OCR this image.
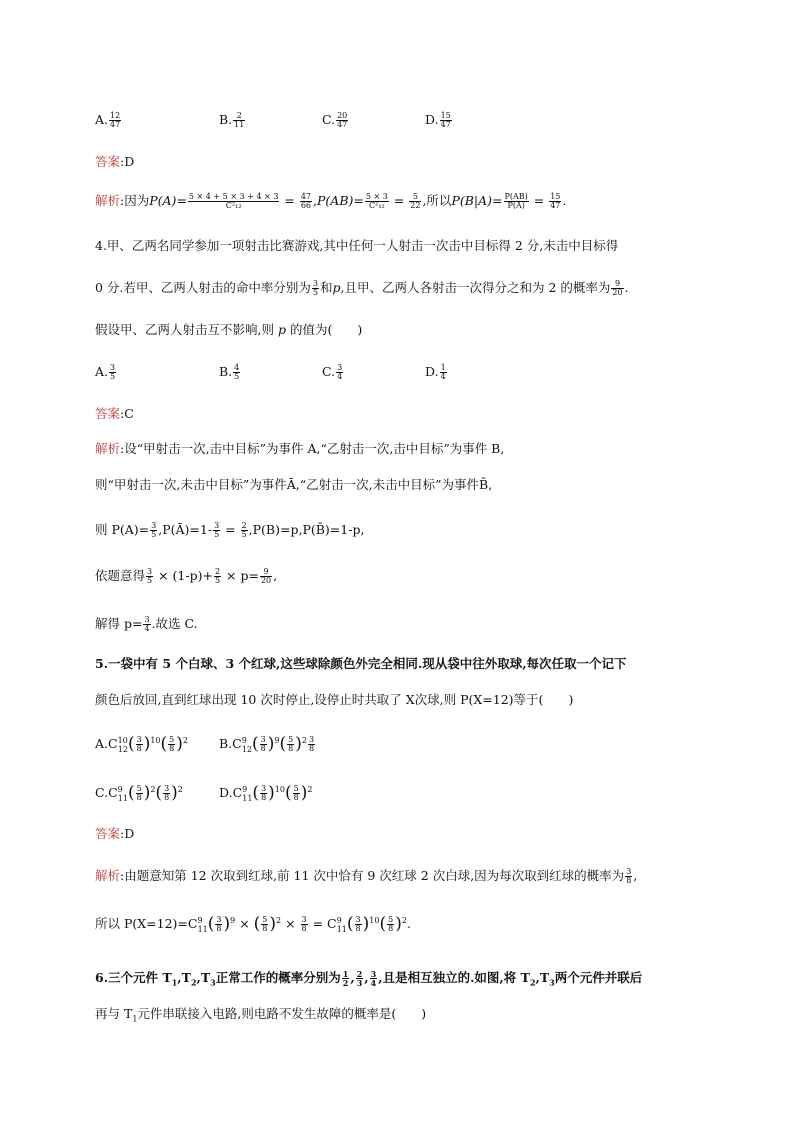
A. $\frac{12}{47}$	B. $\frac{2}{11}$	C. $\frac{20}{47}$	D. $\frac{15}{47}$
答案:D
解析:因为$P(A)= \frac{5 \times 4 + 5 \times 3 + 4 \times 3}{\text{C²₁₂}} = \frac{47}{66} ,P(AB)= \frac{5 \times 3}{\text{C²₁₂}} = \frac{5}{22}$ ,所以$P(B|A)= \frac{P(AB)}{P(A)} = \frac{15}{47}$ .
4.甲、乙两名同学参加一项射击比赛游戏,其中任何一人射击一次击中目标得 2 分,未击中目标得
0 分.若甲、乙两人射击的命中率分别为 $\frac{3}{5}$ 和p,且甲、乙两人各射击一次得分之和为 2 的概率为 $\frac{9}{20}$ .
假设甲、乙两人射击互不影响,则 p 的值为(　　)
A. $\frac{3}{5}$	B. $\frac{4}{5}$	C. $\frac{3}{4}$	D. $\frac{1}{4}$
答案:C
解析:设“甲射击一次,击中目标”为事件 A,“乙射击一次,击中目标”为事件 B,
则“甲射击一次,未击中目标”为事件Ā,“乙射击一次,未击中目标”为事件B̄,
则 $P(A)= \frac{3}{5}$ ,P(Ā)=1- $\frac{3}{5} = \frac{2}{5}$ ,P(B)=p,P(B̄)=1-p,
依题意得 $\frac{3}{5} \times (1-p)+ \frac{2}{5} \times p= \frac{9}{20}$ ,
解得 $p= \frac{3}{4}$ .故选 C.
5.一袋中有 5 个白球、3 个红球,这些球除颜色外完全相同.现从袋中往外取球,每次任取一个记下
颜色后放回,直到红球出现 10 次时停止,设停止时共取了 X次球,则 P(X=12)等于(　　)
$A.C^{10}_{12}( \frac{3}{8} )^{10}( \frac{5}{8} )^2$ $B.C^9_{12}( \frac{3}{8} )^9( \frac{5}{8} )^2 \frac{3}{8}$
$C.C^9_{11}( \frac{5}{8} )^2( \frac{3}{8} )^2$	$D.C^9_{11}( \frac{3}{8} )^{10}( \frac{5}{8} )^2$
答案:D
解析:由题意知第 12 次取到红球,前 11 次中恰有 9 次红球 2 次白球,因为每次取到红球的概率为 $\frac{3}{8}$ ,
所以 $P(X=12)=C^9_{11}( \frac{3}{8} )^9$ × ( $\frac{5}{8} )^2 \times \frac{3}{8} = C^9_{11}( \frac{3}{8} )^{10}( \frac{5}{8} )^2$.
6.三个元件 $T_1,T_2,T_3$正常工作的概率分别为 $\frac{1}{2}$ , $\frac{2}{3}$ , $\frac{3}{4}$ ,且是相互独立的.如图,将 $T_2,T_3$两个元件并联后
再与 $T_1$元件串联接入电路,则电路不发生故障的概率是(　　)
